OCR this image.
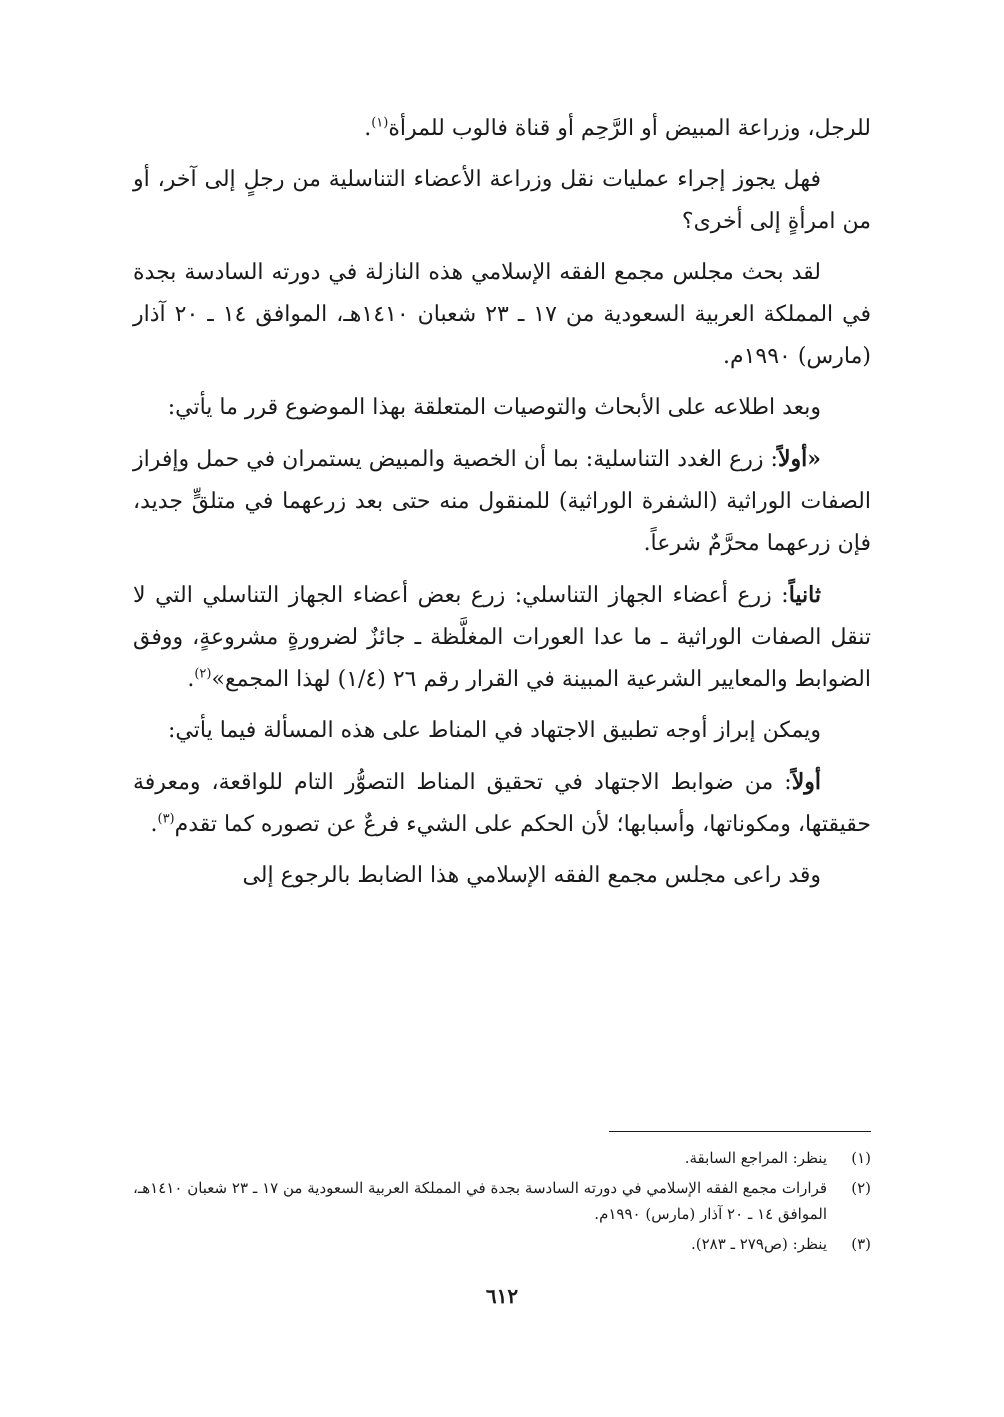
للرجل، وزراعة المبيض أو الرَّحِم أو قناة فالوب للمرأة$^{(١)}$.

فهل يجوز إجراء عمليات نقل وزراعة الأعضاء التناسلية من رجلٍ إلى آخر، أو من امرأةٍ إلى أخرى؟

لقد بحث مجلس مجمع الفقه الإسلامي هذه النازلة في دورته السادسة بجدة في المملكة العربية السعودية من ١٧ ـ ٢٣ شعبان ١٤١٠هـ، الموافق ١٤ ـ ٢٠ آذار (مارس) ١٩٩٠م.

وبعد اطلاعه على الأبحاث والتوصيات المتعلقة بهذا الموضوع قرر ما يأتي:

«أولاً: زرع الغدد التناسلية: بما أن الخصية والمبيض يستمران في حمل وإفراز الصفات الوراثية (الشفرة الوراثية) للمنقول منه حتى بعد زرعهما في متلقٍّ جديد، فإن زرعهما محرَّمٌ شرعاً.

ثانياً: زرع أعضاء الجهاز التناسلي: زرع بعض أعضاء الجهاز التناسلي التي لا تنقل الصفات الوراثية ـ ما عدا العورات المغلَّظة ـ جائزٌ لضرورةٍ مشروعةٍ، ووفق الضوابط والمعايير الشرعية المبينة في القرار رقم ٢٦ (١/٤) لهذا المجمع»$^{(٢)}$.

ويمكن إبراز أوجه تطبيق الاجتهاد في المناط على هذه المسألة فيما يأتي:

أولاً: من ضوابط الاجتهاد في تحقيق المناط التصوُّر التام للواقعة، ومعرفة حقيقتها، ومكوناتها، وأسبابها؛ لأن الحكم على الشيء فرعٌ عن تصوره كما تقدم$^{(٣)}$.

وقد راعى مجلس مجمع الفقه الإسلامي هذا الضابط بالرجوع إلى

(١)
ينظر: المراجع السابقة.
(٢)
قرارات مجمع الفقه الإسلامي في دورته السادسة بجدة في المملكة العربية السعودية من ١٧ ـ ٢٣ شعبان ١٤١٠هـ، الموافق ١٤ ـ ٢٠ آذار (مارس) ١٩٩٠م.
(٣)
ينظر: (ص٢٧٩ ـ ٢٨٣).
٦١٢
